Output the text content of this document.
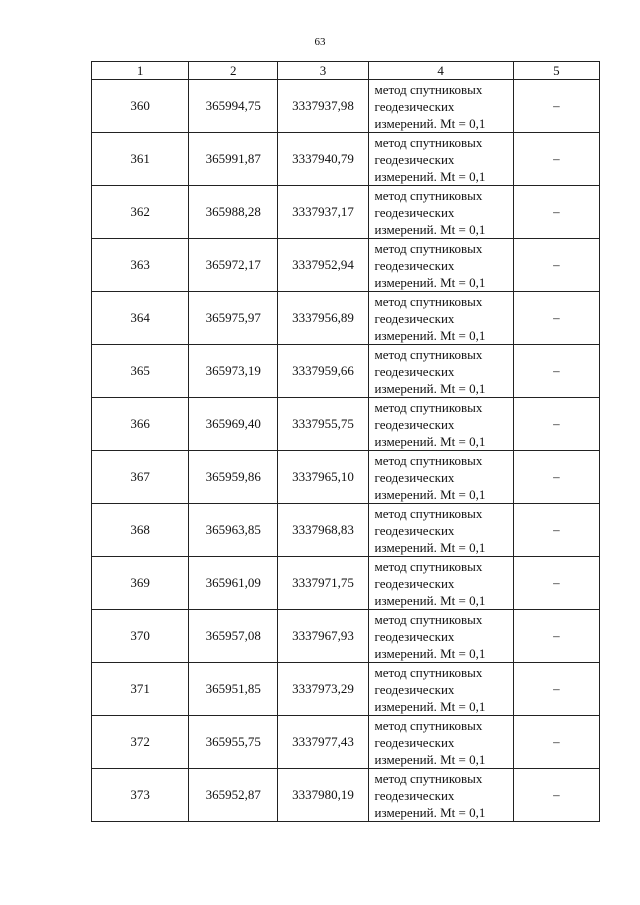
63
1	2	3	4	5
360	365994,75	3337937,98	метод спутниковых
геодезических
измерений. Mt = 0,1	–
361	365991,87	3337940,79	метод спутниковых
геодезических
измерений. Mt = 0,1	–
362	365988,28	3337937,17	метод спутниковых
геодезических
измерений. Mt = 0,1	–
363	365972,17	3337952,94	метод спутниковых
геодезических
измерений. Mt = 0,1	–
364	365975,97	3337956,89	метод спутниковых
геодезических
измерений. Mt = 0,1	–
365	365973,19	3337959,66	метод спутниковых
геодезических
измерений. Mt = 0,1	–
366	365969,40	3337955,75	метод спутниковых
геодезических
измерений. Mt = 0,1	–
367	365959,86	3337965,10	метод спутниковых
геодезических
измерений. Mt = 0,1	–
368	365963,85	3337968,83	метод спутниковых
геодезических
измерений. Mt = 0,1	–
369	365961,09	3337971,75	метод спутниковых
геодезических
измерений. Mt = 0,1	–
370	365957,08	3337967,93	метод спутниковых
геодезических
измерений. Mt = 0,1	–
371	365951,85	3337973,29	метод спутниковых
геодезических
измерений. Mt = 0,1	–
372	365955,75	3337977,43	метод спутниковых
геодезических
измерений. Mt = 0,1	–
373	365952,87	3337980,19	метод спутниковых
геодезических
измерений. Mt = 0,1	–
